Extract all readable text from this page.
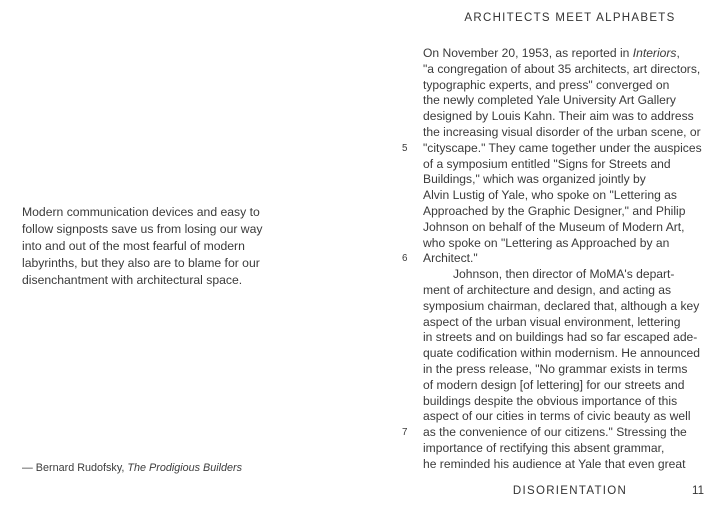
ARCHITECTS MEET ALPHABETS
Modern communication devices and easy to
follow signposts save us from losing our way
into and out of the most fearful of modern
labyrinths, but they also are to blame for our
disenchantment with architectural space.
— Bernard Rudofsky, The Prodigious Builders
On November 20, 1953, as reported in Interiors,
"a congregation of about 35 architects, art directors,
typographic experts, and press" converged on
the newly completed Yale University Art Gallery
designed by Louis Kahn. Their aim was to address
the increasing visual disorder of the urban scene, or
5 "cityscape." They came together under the auspices
of a symposium entitled "Signs for Streets and
Buildings," which was organized jointly by
Alvin Lustig of Yale, who spoke on "Lettering as
Approached by the Graphic Designer," and Philip
Johnson on behalf of the Museum of Modern Art,
who spoke on "Lettering as Approached by an
6 Architect."
Johnson, then director of MoMA's depart-
ment of architecture and design, and acting as
symposium chairman, declared that, although a key
aspect of the urban visual environment, lettering
in streets and on buildings had so far escaped ade-
quate codification within modernism. He announced
in the press release, "No grammar exists in terms
of modern design [of lettering] for our streets and
buildings despite the obvious importance of this
aspect of our cities in terms of civic beauty as well
7 as the convenience of our citizens." Stressing the
importance of rectifying this absent grammar,
he reminded his audience at Yale that even great
DISORIENTATION	11
